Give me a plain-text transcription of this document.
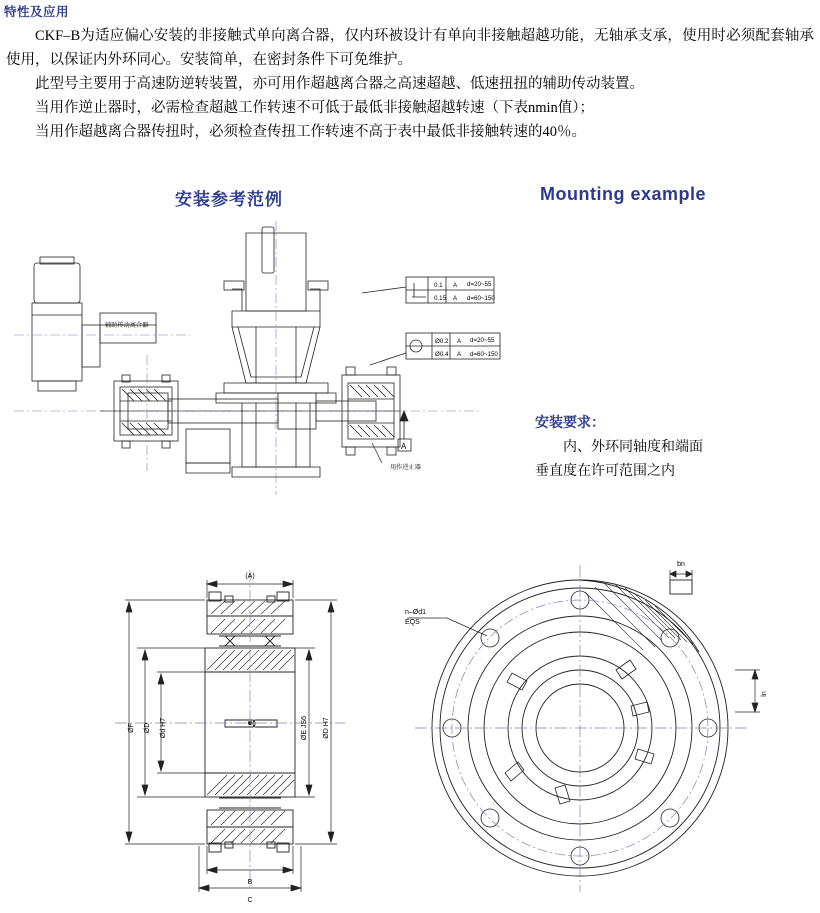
特性及应用

CKF–B为适应偏心安装的非接触式单向离合器，仅内环被设计有单向非接触超越功能，无轴承支承，使用时必须配套轴承使用，以保证内外环同心。安装简单，在密封条件下可免维护。

此型号主要用于高速防逆转装置，亦可用作超越离合器之高速超越、低速扭扭的辅助传动装置。

当用作逆止器时，必需检查超越工作转速不可低于最低非接触超越转速（下表nmin值）；

当用作超越离合器传扭时，必须检查传扭工作转速不高于表中最低非接触转速的40％。

安装参考范例	Mounting example
安装要求：
内、外环同轴度和端面
垂直度在许可范围之内
0.1
0.15
A
A
d=20~55
d=60~150
Ø0.2
Ø0.4
A
A
d=20~55
d=60~150
A
辅助传动离合器
用作逆止器
ØF ØD Ød H7	ØE JS6 ØD H7
(A)
B
C
n–Ød1
EQS
bn
ln
